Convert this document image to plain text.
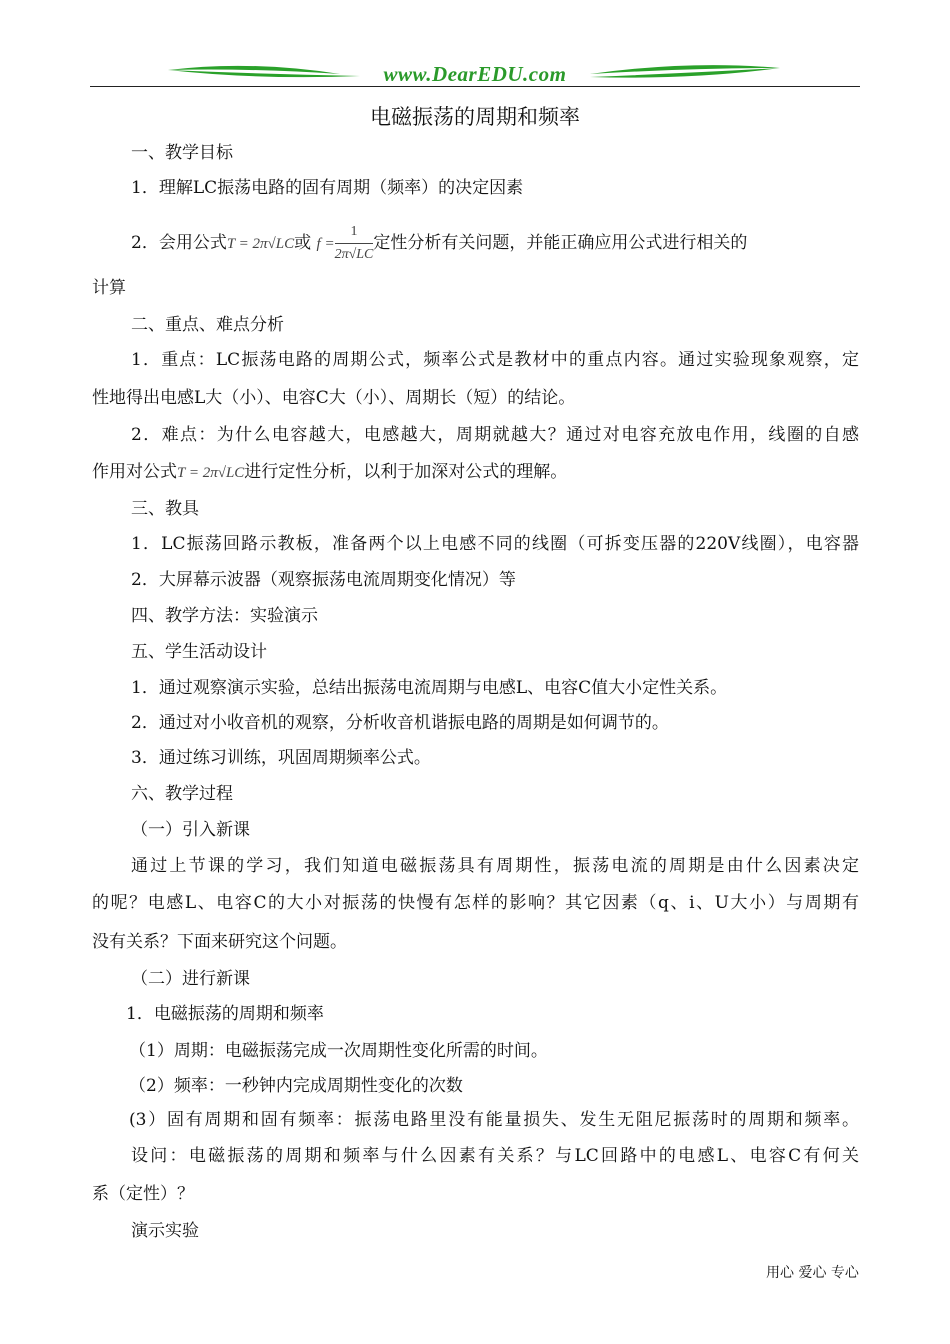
www.DearEDU.com
电磁振荡的周期和频率
一、教学目标
1．理解LC振荡电路的固有周期（频率）的决定因素
2．会用公式T = 2π√LC或 $f = \frac{1}{2\pi√LC}$ 定性分析有关问题，并能正确应用公式进行相关的
计算
二、重点、难点分析
1．重点：LC振荡电路的周期公式，频率公式是教材中的重点内容。通过实验现象观察，定
性地得出电感L大（小）、电容C大（小）、周期长（短）的结论。
2．难点：为什么电容越大，电感越大，周期就越大？通过对电容充放电作用，线圈的自感
作用对公式T = 2π√LC进行定性分析，以利于加深对公式的理解。
三、教具
1．LC振荡回路示教板，准备两个以上电感不同的线圈（可拆变压器的220V线圈），电容器
2．大屏幕示波器（观察振荡电流周期变化情况）等
四、教学方法：实验演示
五、学生活动设计
1．通过观察演示实验，总结出振荡电流周期与电感L、电容C值大小定性关系。
2．通过对小收音机的观察，分析收音机谐振电路的周期是如何调节的。
3．通过练习训练，巩固周期频率公式。
六、教学过程
（一）引入新课
通过上节课的学习，我们知道电磁振荡具有周期性，振荡电流的周期是由什么因素决定
的呢？电感L、电容C的大小对振荡的快慢有怎样的影响？其它因素（q、i、U大小）与周期有
没有关系？下面来研究这个问题。
（二）进行新课
1．电磁振荡的周期和频率
（1）周期：电磁振荡完成一次周期性变化所需的时间。
（2）频率：一秒钟内完成周期性变化的次数
(3）固有周期和固有频率：振荡电路里没有能量损失、发生无阻尼振荡时的周期和频率。
设问：电磁振荡的周期和频率与什么因素有关系？与LC回路中的电感L、电容C有何关
系（定性）？
演示实验
用心 爱心 专心
